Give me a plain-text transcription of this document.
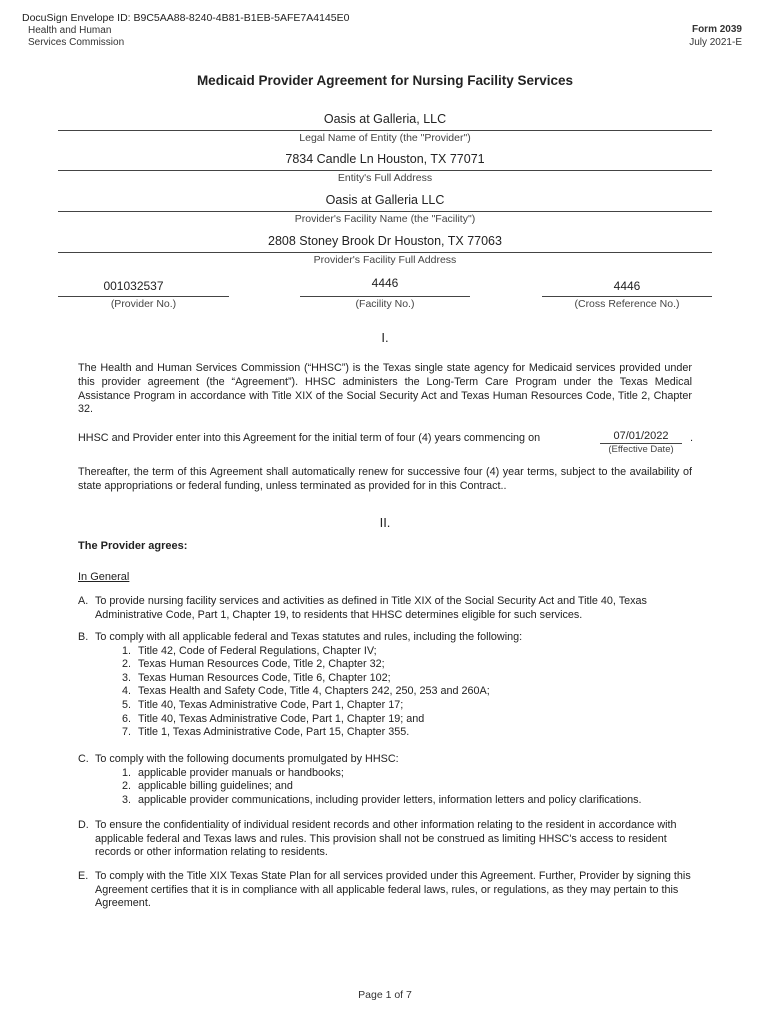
DocuSign Envelope ID: B9C5AA88-8240-4B81-B1EB-5AFE7A4145E0
Health and Human
Services Commission
Form 2039
July 2021-E
Medicaid Provider Agreement for Nursing Facility Services
Oasis at Galleria, LLC
Legal Name of Entity (the "Provider")
7834 Candle Ln Houston, TX 77071
Entity's Full Address
Oasis at Galleria LLC
Provider's Facility Name (the "Facility")
2808 Stoney Brook Dr Houston, TX 77063
Provider's Facility Full Address
001032537
(Provider No.)
4446
(Facility No.)
4446
(Cross Reference No.)
I.
The Health and Human Services Commission (“HHSC”) is the Texas single state agency for Medicaid services provided under this provider agreement (the “Agreement”). HHSC administers the Long-Term Care Program under the Texas Medical Assistance Program in accordance with Title XIX of the Social Security Act and Texas Human Resources Code, Title 2, Chapter 32.
HHSC and Provider enter into this Agreement for the initial term of four (4) years commencing on	07/01/2022
(Effective Date)
.
Thereafter, the term of this Agreement shall automatically renew for successive four (4) year terms, subject to the availability of state appropriations or federal funding, unless terminated as provided for in this Contract..
II.
The Provider agrees:
In General
A. To provide nursing facility services and activities as defined in Title XIX of the Social Security Act and Title 40, Texas Administrative Code, Part 1, Chapter 19, to residents that HHSC determines eligible for such services.
B. To comply with all applicable federal and Texas statutes and rules, including the following:
1. Title 42, Code of Federal Regulations, Chapter IV;
2. Texas Human Resources Code, Title 2, Chapter 32;
3. Texas Human Resources Code, Title 6, Chapter 102;
4. Texas Health and Safety Code, Title 4, Chapters 242, 250, 253 and 260A;
5. Title 40, Texas Administrative Code, Part 1, Chapter 17;
6. Title 40, Texas Administrative Code, Part 1, Chapter 19; and
7. Title 1, Texas Administrative Code, Part 15, Chapter 355.
C. To comply with the following documents promulgated by HHSC:
1. applicable provider manuals or handbooks;
2. applicable billing guidelines; and
3. applicable provider communications, including provider letters, information letters and policy clarifications.
D. To ensure the confidentiality of individual resident records and other information relating to the resident in accordance with applicable federal and Texas laws and rules. This provision shall not be construed as limiting HHSC's access to resident records or other information relating to residents.
E. To comply with the Title XIX Texas State Plan for all services provided under this Agreement. Further, Provider by signing this Agreement certifies that it is in compliance with all applicable federal laws, rules, or regulations, as they may pertain to this Agreement.
Page 1 of 7
